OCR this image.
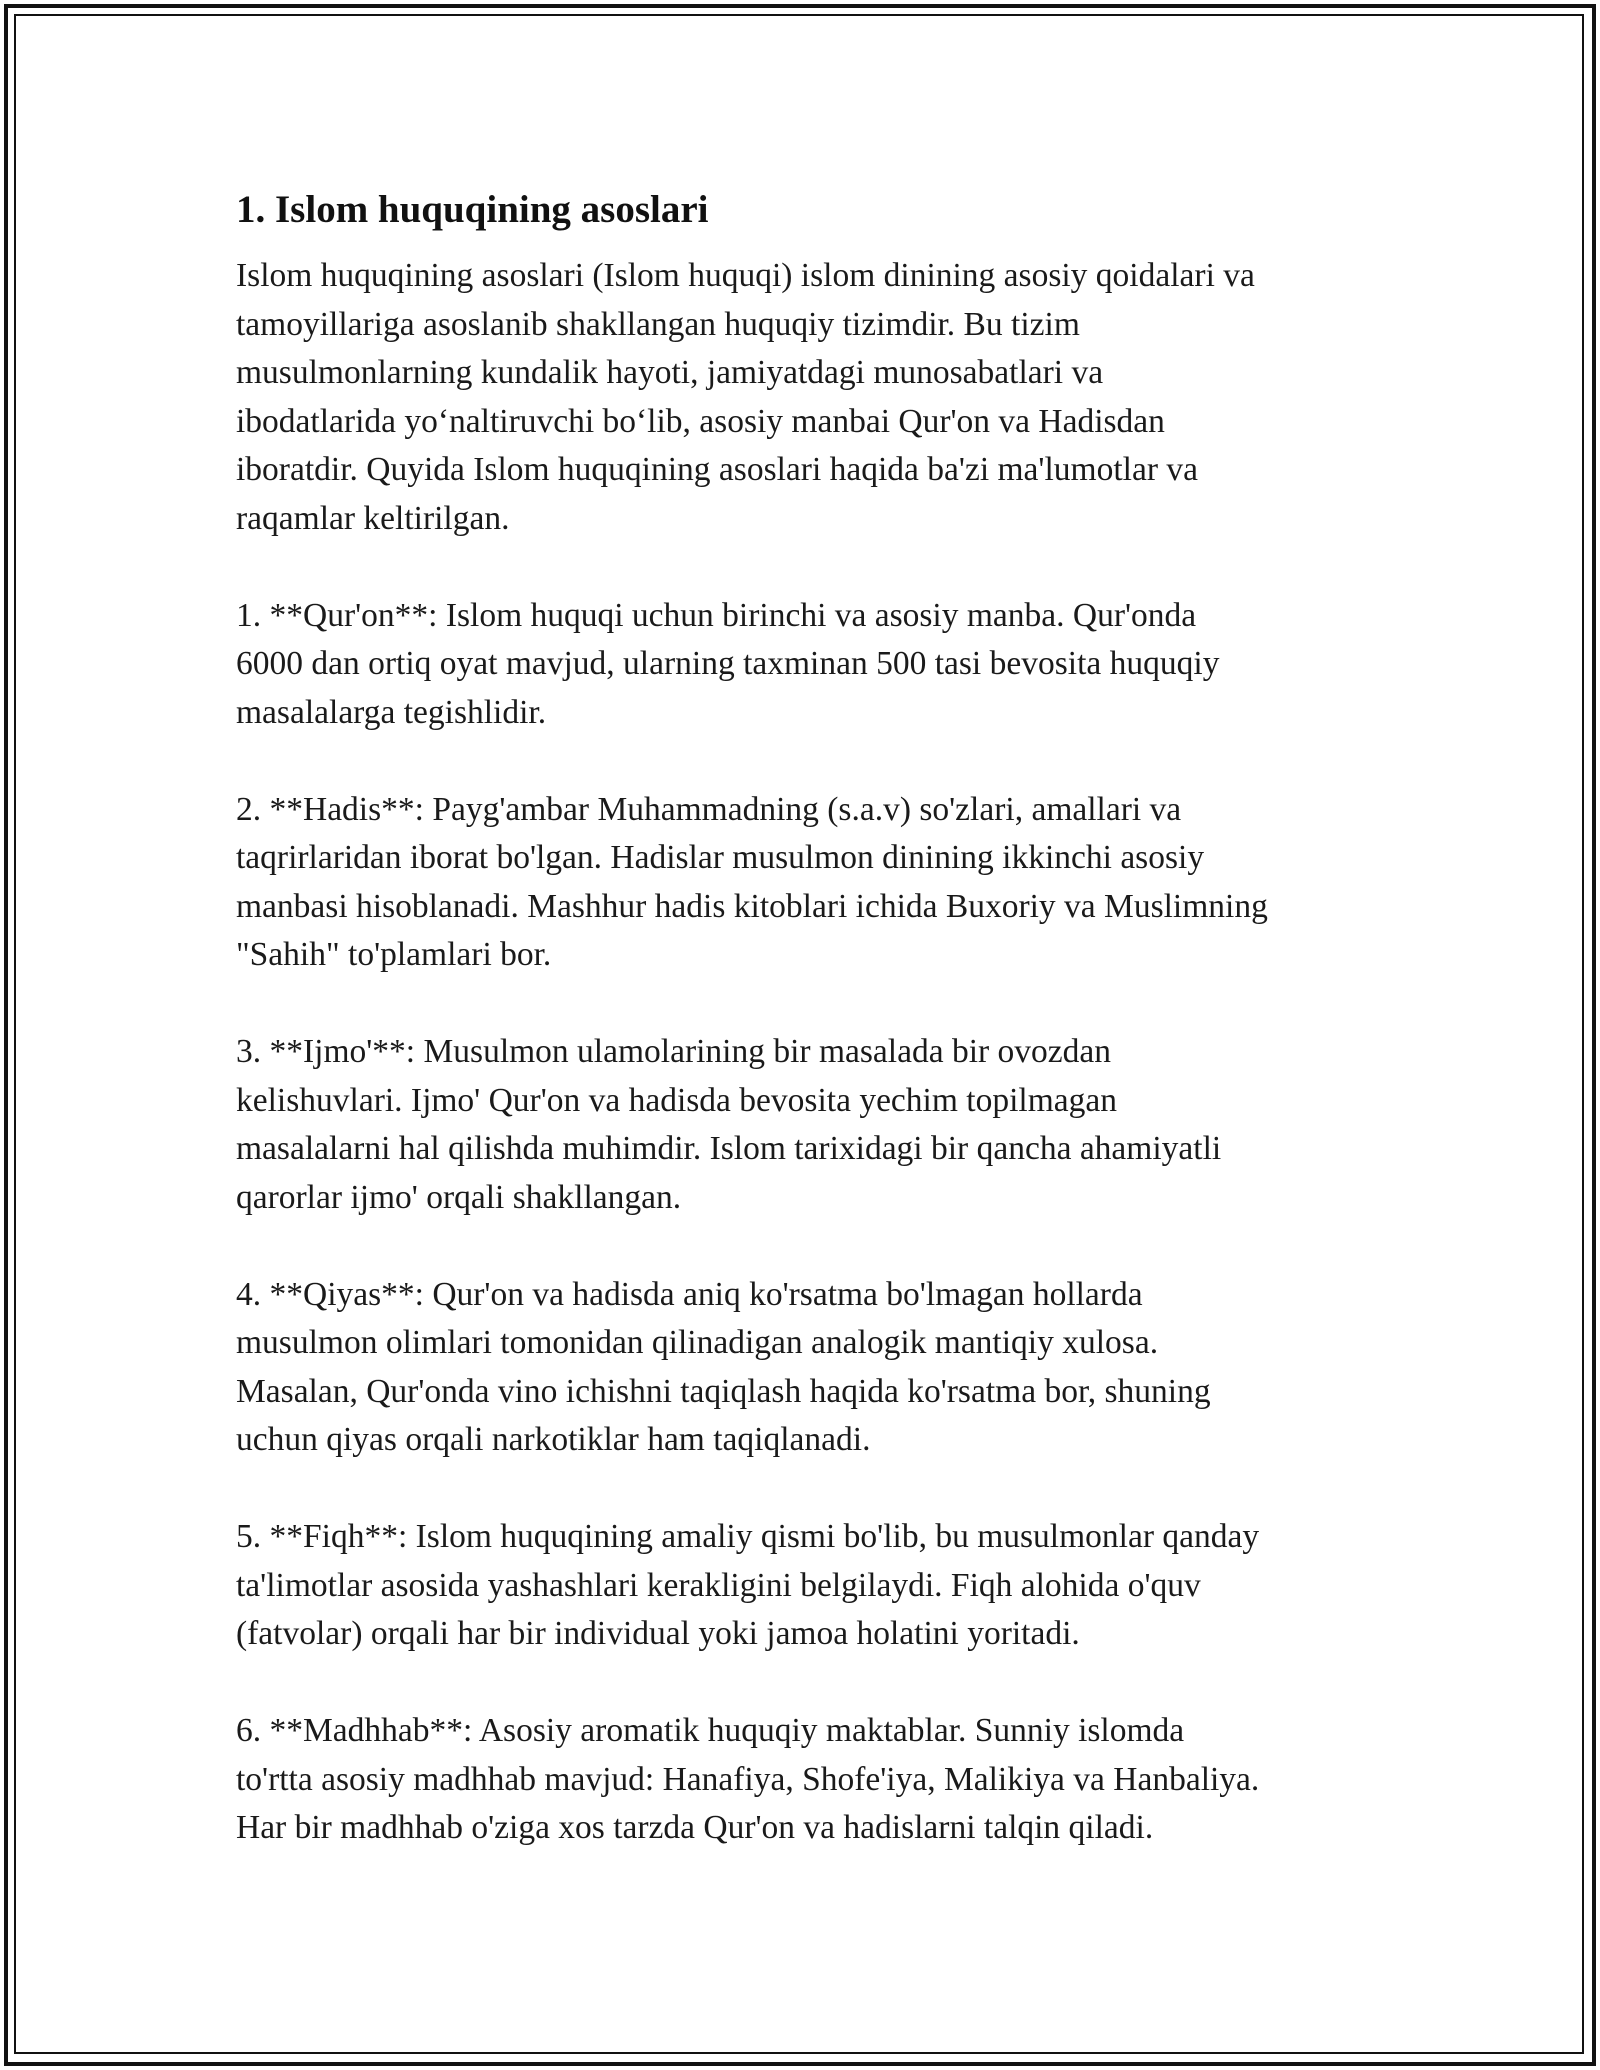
1. Islom huquqining asoslari

Islom huquqining asoslari (Islom huquqi) islom dinining asosiy qoidalari va
tamoyillariga asoslanib shakllangan huquqiy tizimdir. Bu tizim
musulmonlarning kundalik hayoti, jamiyatdagi munosabatlari va
ibodatlarida yo‘naltiruvchi bo‘lib, asosiy manbai Qur'on va Hadisdan
iboratdir. Quyida Islom huquqining asoslari haqida ba'zi ma'lumotlar va
raqamlar keltirilgan.

1. **Qur'on**: Islom huquqi uchun birinchi va asosiy manba. Qur'onda
6000 dan ortiq oyat mavjud, ularning taxminan 500 tasi bevosita huquqiy
masalalarga tegishlidir.

2. **Hadis**: Payg'ambar Muhammadning (s.a.v) so'zlari, amallari va
taqrirlaridan iborat bo'lgan. Hadislar musulmon dinining ikkinchi asosiy
manbasi hisoblanadi. Mashhur hadis kitoblari ichida Buxoriy va Muslimning
"Sahih" to'plamlari bor.

3. **Ijmo'**: Musulmon ulamolarining bir masalada bir ovozdan
kelishuvlari. Ijmo' Qur'on va hadisda bevosita yechim topilmagan
masalalarni hal qilishda muhimdir. Islom tarixidagi bir qancha ahamiyatli
qarorlar ijmo' orqali shakllangan.

4. **Qiyas**: Qur'on va hadisda aniq ko'rsatma bo'lmagan hollarda
musulmon olimlari tomonidan qilinadigan analogik mantiqiy xulosa.
Masalan, Qur'onda vino ichishni taqiqlash haqida ko'rsatma bor, shuning
uchun qiyas orqali narkotiklar ham taqiqlanadi.

5. **Fiqh**: Islom huquqining amaliy qismi bo'lib, bu musulmonlar qanday
ta'limotlar asosida yashashlari kerakligini belgilaydi. Fiqh alohida o'quv
(fatvolar) orqali har bir individual yoki jamoa holatini yoritadi.

6. **Madhhab**: Asosiy aromatik huquqiy maktablar. Sunniy islomda
to'rtta asosiy madhhab mavjud: Hanafiya, Shofe'iya, Malikiya va Hanbaliya.
Har bir madhhab o'ziga xos tarzda Qur'on va hadislarni talqin qiladi.
